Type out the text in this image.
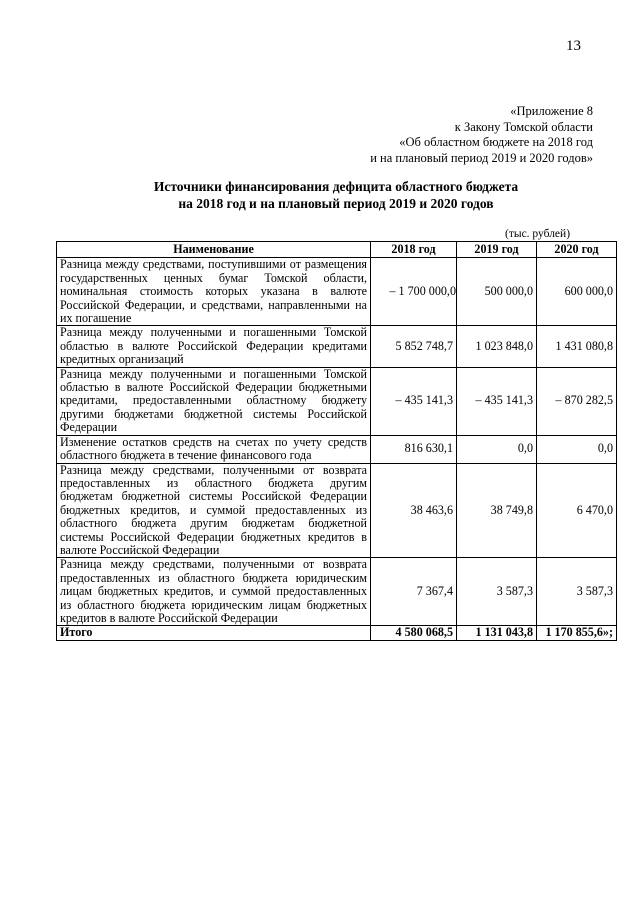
13
«Приложение 8
к Закону Томской области
«Об областном бюджете на 2018 год
и на плановый период 2019 и 2020 годов»
Источники финансирования дефицита областного бюджета
на 2018 год и на плановый период 2019 и 2020 годов
(тыс. рублей)
Наименование	2018 год	2019 год	2020 год
Разница между средствами, поступившими от размещения государственных ценных бумаг Томской области, номинальная стоимость которых указана в валюте Российской Федерации, и средствами, направленными на их погашение	– 1 700 000,0	500 000,0	600 000,0
Разница между полученными и погашенными Томской областью в валюте Российской Федерации кредитами кредитных организаций	5 852 748,7	1 023 848,0	1 431 080,8
Разница между полученными и погашенными Томской областью в валюте Российской Федерации бюджетными кредитами, предоставленными областному бюджету другими бюджетами бюджетной системы Российской Федерации	– 435 141,3	– 435 141,3	– 870 282,5
Изменение остатков средств на счетах по учету средств областного бюджета в течение финансового года	816 630,1	0,0	0,0
Разница между средствами, полученными от возврата предоставленных из областного бюджета другим бюджетам бюджетной системы Российской Федерации бюджетных кредитов, и суммой предоставленных из областного бюджета другим бюджетам бюджетной системы Российской Федерации бюджетных кредитов в валюте Российской Федерации	38 463,6	38 749,8	6 470,0
Разница между средствами, полученными от возврата предоставленных из областного бюджета юридическим лицам бюджетных кредитов, и суммой предоставленных из областного бюджета юридическим лицам бюджетных кредитов в валюте Российской Федерации	7 367,4	3 587,3	3 587,3
Итого	4 580 068,5	1 131 043,8	1 170 855,6»;
